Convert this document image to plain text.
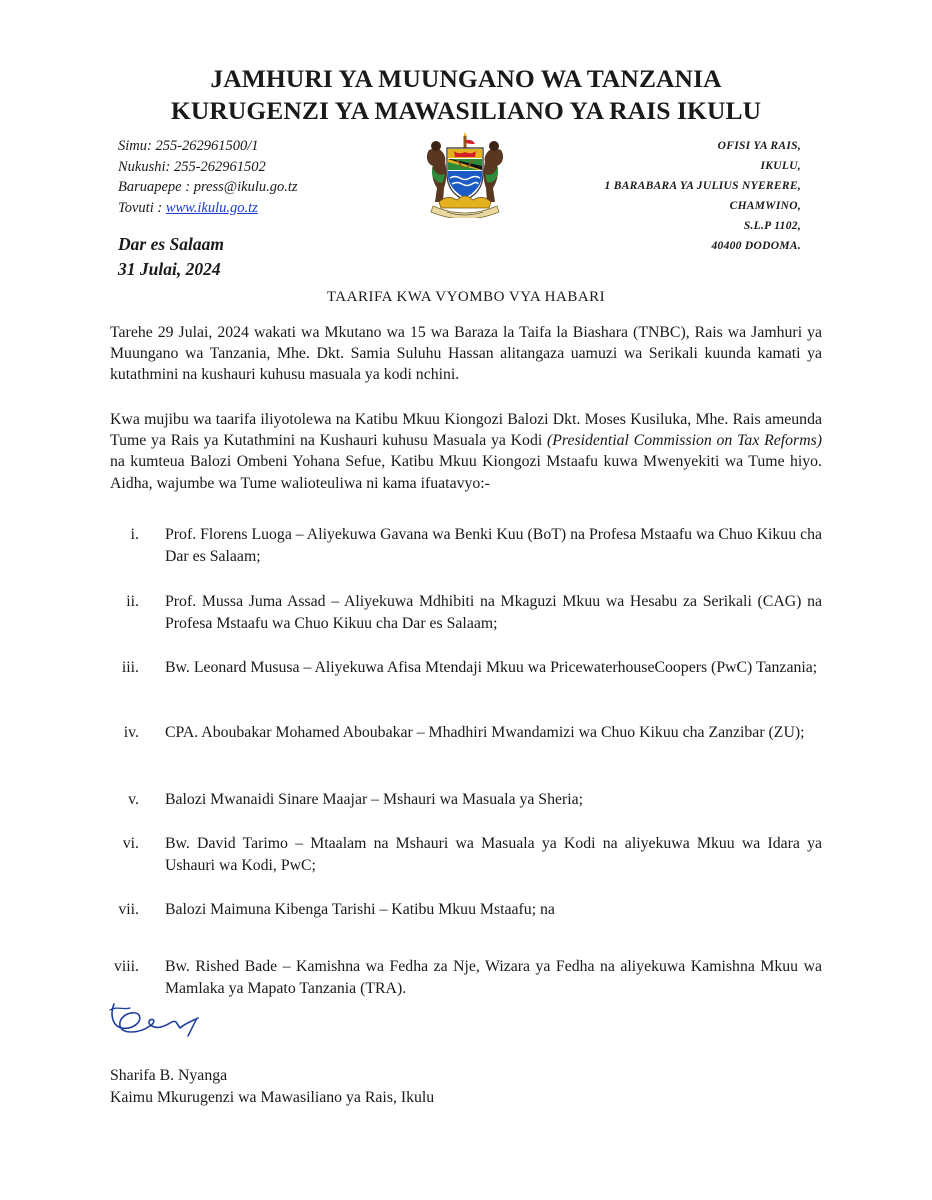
JAMHURI YA MUUNGANO WA TANZANIA
KURUGENZI YA MAWASILIANO YA RAIS IKULU
Simu: 255-262961500/1
Nukushi: 255-262961502
Baruapepe : press@ikulu.go.tz
Tovuti : www.ikulu.go.tz
OFISI YA RAIS,
IKULU,
1 BARABARA YA JULIUS NYERERE,
CHAMWINO,
S.L.P 1102,
40400 DODOMA.
Dar es Salaam
31 Julai, 2024
TAARIFA KWA VYOMBO VYA HABARI
Tarehe 29 Julai, 2024 wakati wa Mkutano wa 15 wa Baraza la Taifa la Biashara (TNBC), Rais wa Jamhuri ya Muungano wa Tanzania, Mhe. Dkt. Samia Suluhu Hassan alitangaza uamuzi wa Serikali kuunda kamati ya kutathmini na kushauri kuhusu masuala ya kodi nchini.
Kwa mujibu wa taarifa iliyotolewa na Katibu Mkuu Kiongozi Balozi Dkt. Moses Kusiluka, Mhe. Rais ameunda Tume ya Rais ya Kutathmini na Kushauri kuhusu Masuala ya Kodi (Presidential Commission on Tax Reforms) na kumteua Balozi Ombeni Yohana Sefue, Katibu Mkuu Kiongozi Mstaafu kuwa Mwenyekiti wa Tume hiyo. Aidha, wajumbe wa Tume walioteuliwa ni kama ifuatavyo:-
i. Prof. Florens Luoga – Aliyekuwa Gavana wa Benki Kuu (BoT) na Profesa Mstaafu wa Chuo Kikuu cha Dar es Salaam;
ii. Prof. Mussa Juma Assad – Aliyekuwa Mdhibiti na Mkaguzi Mkuu wa Hesabu za Serikali (CAG) na Profesa Mstaafu wa Chuo Kikuu cha Dar es Salaam;
iii. Bw. Leonard Mususa – Aliyekuwa Afisa Mtendaji Mkuu wa PricewaterhouseCoopers (PwC) Tanzania;
iv. CPA. Aboubakar Mohamed Aboubakar – Mhadhiri Mwandamizi wa Chuo Kikuu cha Zanzibar (ZU);
v. Balozi Mwanaidi Sinare Maajar – Mshauri wa Masuala ya Sheria;
vi. Bw. David Tarimo – Mtaalam na Mshauri wa Masuala ya Kodi na aliyekuwa Mkuu wa Idara ya Ushauri wa Kodi, PwC;
vii. Balozi Maimuna Kibenga Tarishi – Katibu Mkuu Mstaafu; na
viii. Bw. Rished Bade – Kamishna wa Fedha za Nje, Wizara ya Fedha na aliyekuwa Kamishna Mkuu wa Mamlaka ya Mapato Tanzania (TRA).
Sharifa B. Nyanga
Kaimu Mkurugenzi wa Mawasiliano ya Rais, Ikulu
